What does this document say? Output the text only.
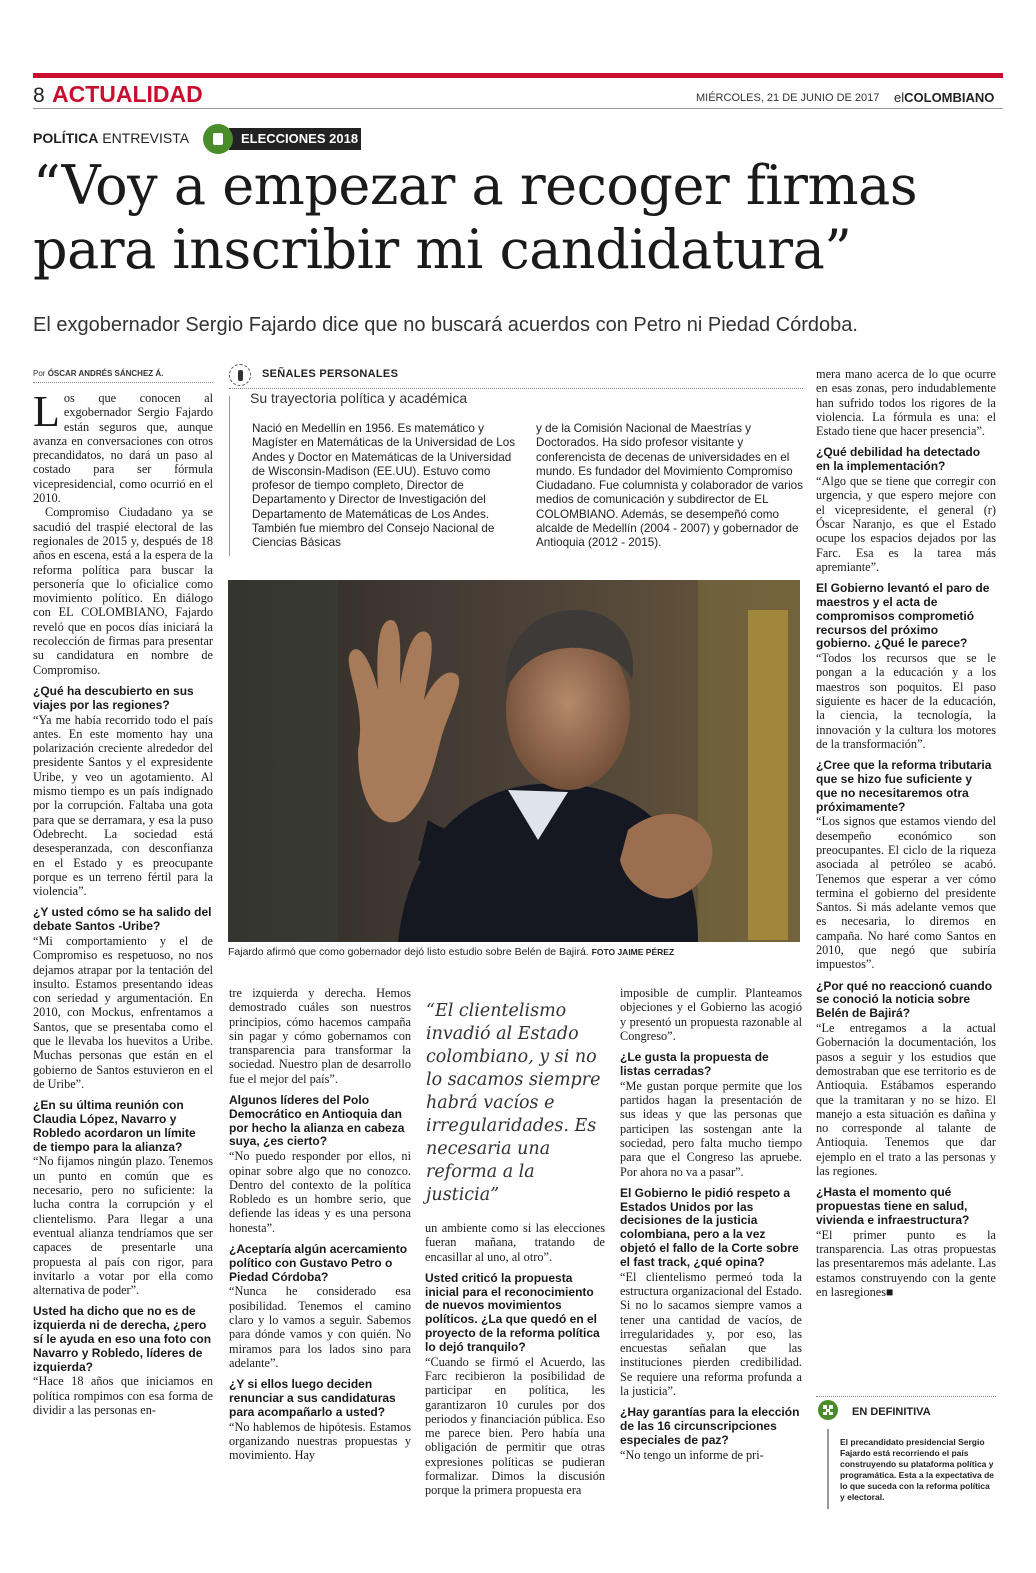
8 ACTUALIDAD	MIÉRCOLES, 21 DE JUNIO DE 2017 elCOLOMBIANO
POLÍTICA ENTREVISTA	ELECCIONES 2018
“Voy a empezar a recoger firmas para inscribir mi candidatura”
El exgobernador Sergio Fajardo dice que no buscará acuerdos con Petro ni Piedad Córdoba.
Por ÓSCAR ANDRÉS SÁNCHEZ Á.

Los que conocen al exgobernador Sergio Fajardo están seguros que, aunque avanza en conversaciones con otros precandidatos, no dará un paso al costado para ser fórmula vicepresidencial, como ocurrió en el 2010.

Compromiso Ciudadano ya se sacudió del traspié electoral de las regionales de 2015 y, después de 18 años en escena, está a la espera de la reforma política para buscar la personería que lo oficialice como movimiento político. En diálogo con EL COLOMBIANO, Fajardo reveló que en pocos días iniciará la recolección de firmas para presentar su candidatura en nombre de Compromiso.

¿Qué ha descubierto en sus viajes por las regiones?

“Ya me había recorrido todo el país antes. En este momento hay una polarización creciente alrededor del presidente Santos y el expresidente Uribe, y veo un agotamiento. Al mismo tiempo es un país indignado por la corrupción. Faltaba una gota para que se derramara, y esa la puso Odebrecht. La sociedad está desesperanzada, con desconfianza en el Estado y es preocupante porque es un terreno fértil para la violencia”.

¿Y usted cómo se ha salido del debate Santos -Uribe?

“Mi comportamiento y el de Compromiso es respetuoso, no nos dejamos atrapar por la tentación del insulto. Estamos presentando ideas con seriedad y argumentación. En 2010, con Mockus, enfrentamos a Santos, que se presentaba como el que le llevaba los huevitos a Uribe. Muchas personas que están en el gobierno de Santos estuvieron en el de Uribe”.

¿En su última reunión con Claudia López, Navarro y Robledo acordaron un límite de tiempo para la alianza?

“No fijamos ningún plazo. Tenemos un punto en común que es necesario, pero no suficiente: la lucha contra la corrupción y el clientelismo. Para llegar a una eventual alianza tendríamos que ser capaces de presentarle una propuesta al país con rigor, para invitarlo a votar por ella como alternativa de poder”.

Usted ha dicho que no es de izquierda ni de derecha, ¿pero sí le ayuda en eso una foto con Navarro y Robledo, líderes de izquierda?

“Hace 18 años que iniciamos en política rompimos con esa forma de dividir a las personas en-

SEÑALES PERSONALES
Su trayectoria política y académica
Nació en Medellín en 1956. Es matemático y Magíster en Matemáticas de la Universidad de Los Andes y Doctor en Matemáticas de la Universidad de Wisconsin-Madison (EE.UU). Estuvo como profesor de tiempo completo, Director de Departamento y Director de Investigación del Departamento de Matemáticas de Los Andes. También fue miembro del Consejo Nacional de Ciencias Básicas
y de la Comisión Nacional de Maestrías y Doctorados. Ha sido profesor visitante y conferencista de decenas de universidades en el mundo. Es fundador del Movimiento Compromiso Ciudadano. Fue columnista y colaborador de varios medios de comunicación y subdirector de EL COLOMBIANO. Además, se desempeñó como alcalde de Medellín (2004 - 2007) y gobernador de Antioquia (2012 - 2015).
Fajardo afirmó que como gobernador dejó listo estudio sobre Belén de Bajirá. FOTO JAIME PÉREZ

tre izquierda y derecha. Hemos demostrado cuáles son nuestros principios, cómo hacemos campaña sin pagar y cómo gobernamos con transparencia para transformar la sociedad. Nuestro plan de desarrollo fue el mejor del país”.

Algunos líderes del Polo Democrático en Antioquia dan por hecho la alianza en cabeza suya, ¿es cierto?

“No puedo responder por ellos, ni opinar sobre algo que no conozco. Dentro del contexto de la política Robledo es un hombre serio, que defiende las ideas y es una persona honesta”.

¿Aceptaría algún acercamiento político con Gustavo Petro o Piedad Córdoba?

“Nunca he considerado esa posibilidad. Tenemos el camino claro y lo vamos a seguir. Sabemos para dónde vamos y con quién. No miramos para los lados sino para adelante”.

¿Y si ellos luego deciden renunciar a sus candidaturas para acompañarlo a usted?

“No hablemos de hipótesis. Estamos organizando nuestras propuestas y movimiento. Hay

“El clientelismo invadió al Estado colombiano, y si no lo sacamos siempre habrá vacíos e irregularidades. Es necesaria una reforma a la justicia”

un ambiente como si las elecciones fueran mañana, tratando de encasillar al uno, al otro”.

Usted criticó la propuesta inicial para el reconocimiento de nuevos movimientos políticos. ¿La que quedó en el proyecto de la reforma política lo dejó tranquilo?

“Cuando se firmó el Acuerdo, las Farc recibieron la posibilidad de participar en política, les garantizaron 10 curules por dos periodos y financiación pública. Eso me parece bien. Pero había una obligación de permitir que otras expresiones políticas se pudieran formalizar. Dimos la discusión porque la primera propuesta era

imposible de cumplir. Planteamos objeciones y el Gobierno las acogió y presentó un propuesta razonable al Congreso”.

¿Le gusta la propuesta de listas cerradas?

“Me gustan porque permite que los partidos hagan la presentación de sus ideas y que las personas que participen las sostengan ante la sociedad, pero falta mucho tiempo para que el Congreso las apruebe. Por ahora no va a pasar”.

El Gobierno le pidió respeto a Estados Unidos por las decisiones de la justicia colombiana, pero a la vez objetó el fallo de la Corte sobre el fast track, ¿qué opina?

“El clientelismo permeó toda la estructura organizacional del Estado. Si no lo sacamos siempre vamos a tener una cantidad de vacíos, de irregularidades y, por eso, las encuestas señalan que las instituciones pierden credibilidad. Se requiere una reforma profunda a la justicia”.

¿Hay garantías para la elección de las 16 circunscripciones especiales de paz?

“No tengo un informe de pri-

mera mano acerca de lo que ocurre en esas zonas, pero indudablemente han sufrido todos los rigores de la violencia. La fórmula es una: el Estado tiene que hacer presencia”.

¿Qué debilidad ha detectado en la implementación?

“Algo que se tiene que corregir con urgencia, y que espero mejore con el vicepresidente, el general (r) Óscar Naranjo, es que el Estado ocupe los espacios dejados por las Farc. Esa es la tarea más apremiante”.

El Gobierno levantó el paro de maestros y el acta de compromisos comprometió recursos del próximo gobierno. ¿Qué le parece?

“Todos los recursos que se le pongan a la educación y a los maestros son poquitos. El paso siguiente es hacer de la educación, la ciencia, la tecnología, la innovación y la cultura los motores de la transformación”.

¿Cree que la reforma tributaria que se hizo fue suficiente y que no necesitaremos otra próximamente?

“Los signos que estamos viendo del desempeño económico son preocupantes. El ciclo de la riqueza asociada al petróleo se acabó. Tenemos que esperar a ver cómo termina el gobierno del presidente Santos. Si más adelante vemos que es necesaria, lo diremos en campaña. No haré como Santos en 2010, que negó que subiría impuestos”.

¿Por qué no reaccionó cuando se conoció la noticia sobre Belén de Bajirá?

“Le entregamos a la actual Gobernación la documentación, los pasos a seguir y los estudios que demostraban que ese territorio es de Antioquia. Estábamos esperando que la tramitaran y no se hizo. El manejo a esta situación es dañina y no corresponde al talante de Antioquia. Tenemos que dar ejemplo en el trato a las personas y las regiones.

¿Hasta el momento qué propuestas tiene en salud, vivienda e infraestructura?

“El primer punto es la transparencia. Las otras propuestas las presentaremos más adelante. Las estamos construyendo con la gente en lasregiones■

EN DEFINITIVA
El precandidato presidencial Sergio Fajardo está recorriendo el país construyendo su plataforma política y programática. Esta a la expectativa de lo que suceda con la reforma política y electoral.
